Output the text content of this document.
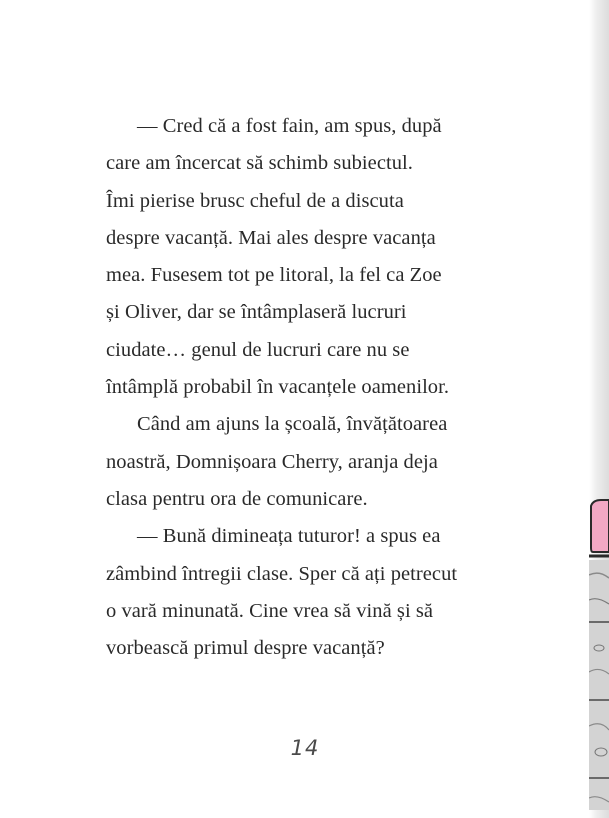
— Cred că a fost fain, am spus, după
care am încercat să schimb subiectul.
Îmi pierise brusc cheful de a discuta
despre vacanță. Mai ales despre vacanța
mea. Fusesem tot pe litoral, la fel ca Zoe
și Oliver, dar se întâmplaseră lucruri
ciudate… genul de lucruri care nu se
întâmplă probabil în vacanțele oamenilor.
Când am ajuns la școală, învățătoarea
noastră, Domnișoara Cherry, aranja deja
clasa pentru ora de comunicare.
— Bună dimineața tuturor! a spus ea
zâmbind întregii clase. Sper că ați petrecut
o vară minunată. Cine vrea să vină și să
vorbească primul despre vacanță?
14
